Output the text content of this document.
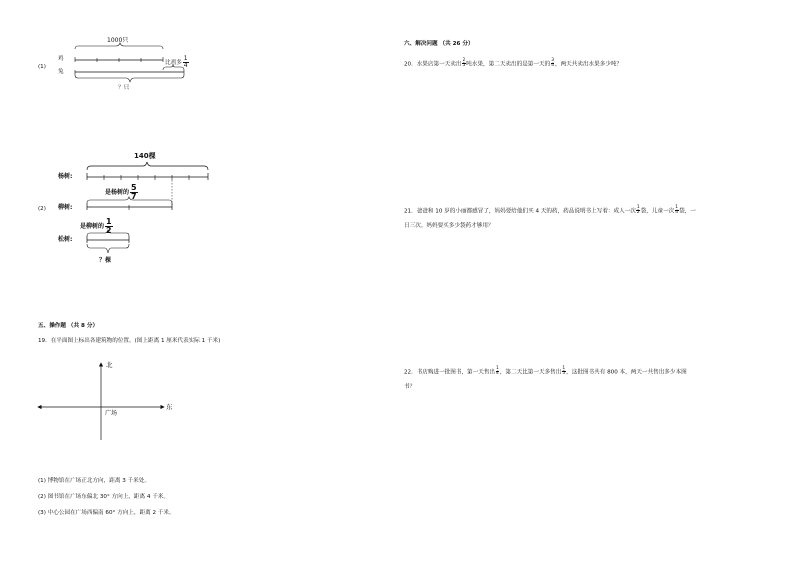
(1)
1000只
鸡
兔
比鸡多 $\frac{1}{4}$
？只
140棵
杨树:
是杨树的 $\frac{5}{7}$
(2) 柳树:
是柳树的 $\frac{1}{2}$
松树:
？棵
五、操作题 （共 8 分）
19．在平面图上标出各建筑物的位置。(图上距离 1 厘米代表实际 1 千米)
北
东
广场
(1) 博物馆在广场正北方向，距离 3 千米处。
(2) 图书馆在广场东偏北 30° 方向上，距离 4 千米。
(3) 中心公园在广场西偏南 60° 方向上，距离 2 千米。
六、解决问题 （共 26 分）
20．水果店第一天卖出 $\frac{2}{5}$ 吨水果，第二天卖出的是第一天的 $\frac{3}{4}$ ，两天共卖出水果多少吨？
21．爸爸和 10 岁的小丽都感冒了，妈妈要给他们买 4 天的药，药品说明书上写着：成人一次 $\frac{1}{2}$ 袋，儿童一次 $\frac{1}{4}$ 袋，一
日三次。妈妈要买多少袋药才够用？
22．书店购进一批图书，第一天售出 $\frac{1}{4}$ ，第二天比第一天多售出 $\frac{1}{5}$ ，这批图书共有 800 本，两天一共售出多少本图
书？
